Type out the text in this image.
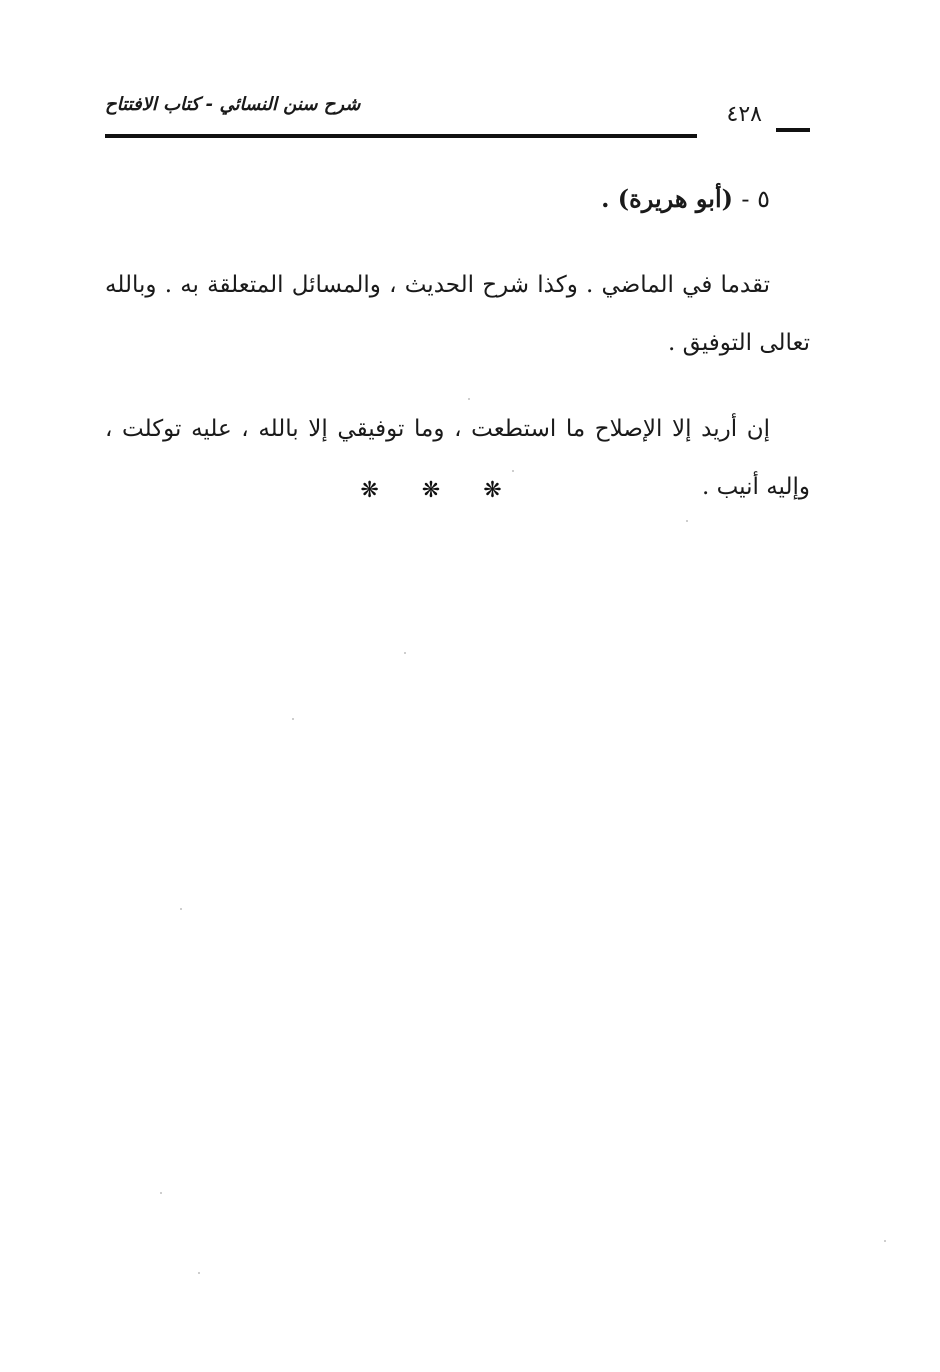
شرح سنن النسائي - كتاب الافتتاح	٤٢٨

٥ - (أبو هريرة) .

تقدما في الماضي . وكذا شرح الحديث ، والمسائل المتعلقة به . وبالله تعالى التوفيق .

إن أريد إلا الإصلاح ما استطعت ، وما توفيقي إلا بالله ، عليه توكلت ، وإليه أنيب .

❋ ❋ ❋
